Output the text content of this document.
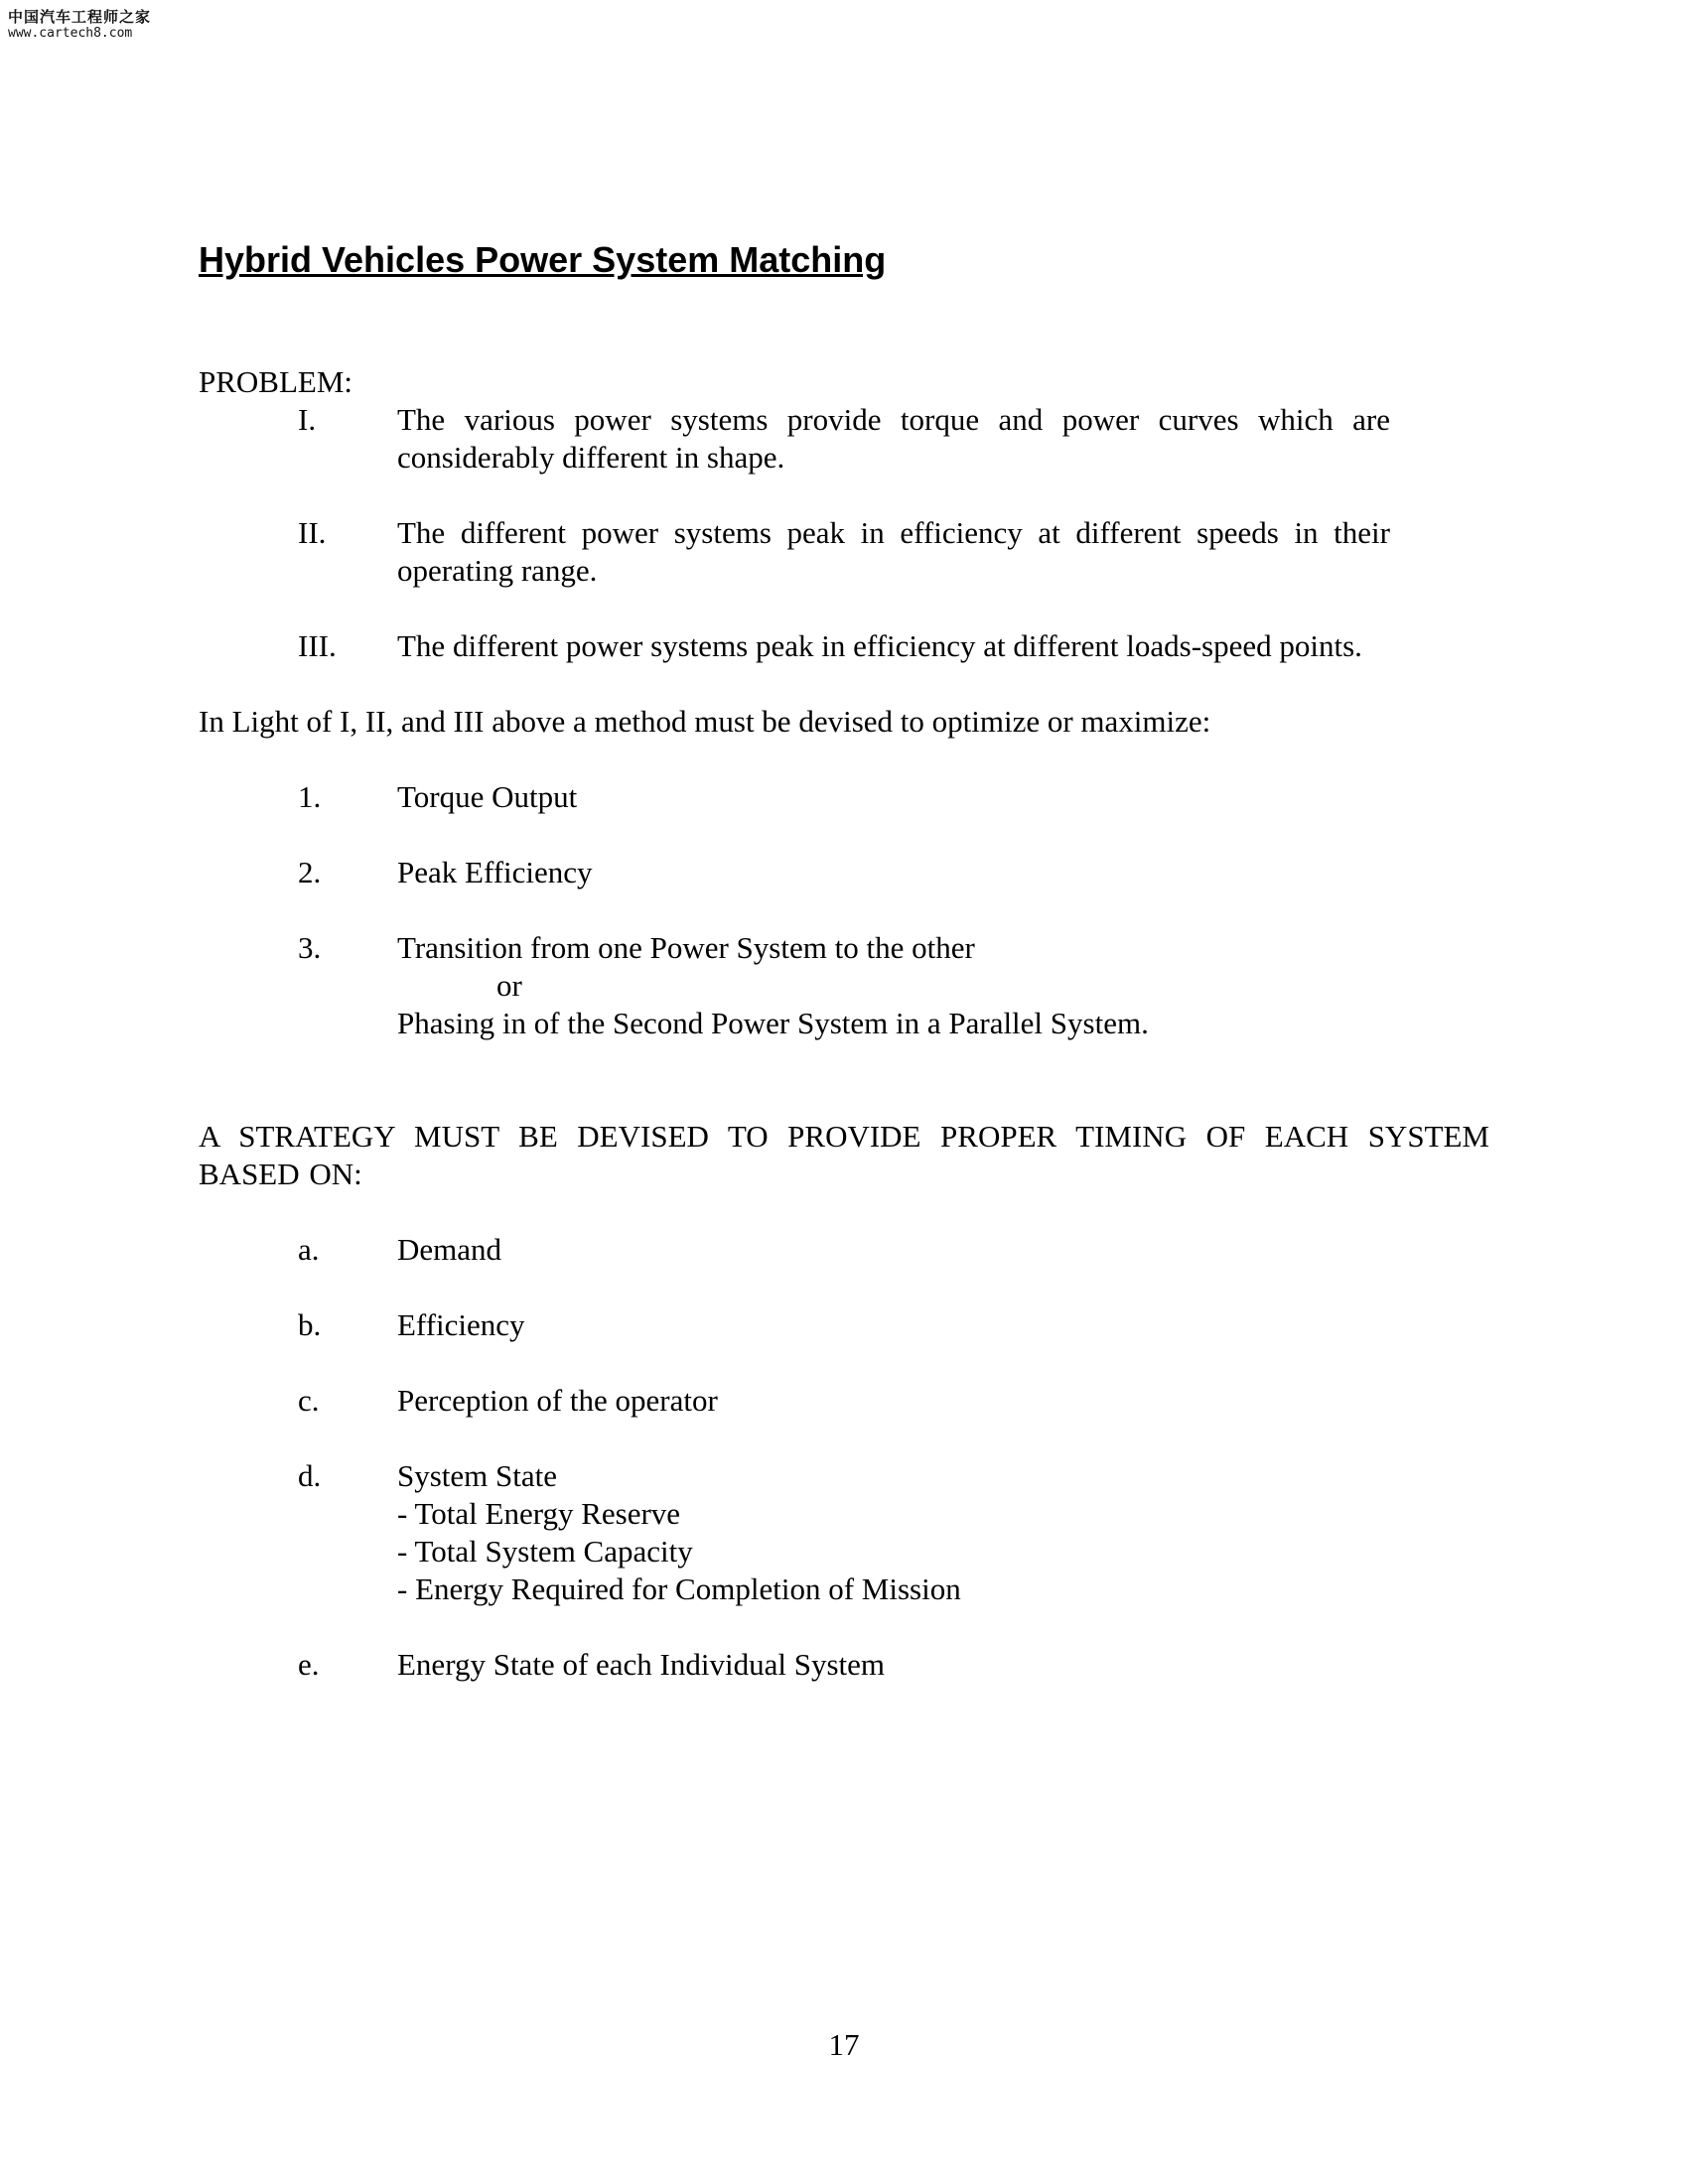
中国汽车工程师之家
www.cartech8.com
Hybrid Vehicles Power System Matching

PROBLEM:

I.	The various power systems provide torque and power curves which are considerably different in shape.
II.	The different power systems peak in efficiency at different speeds in their operating range.
III.	The different power systems peak in efficiency at different loads-speed points.

In Light of I, II, and III above a method must be devised to optimize or maximize:

1.	Torque Output
2.	Peak Efficiency
3.	Transition from one Power System to the other
or
Phasing in of the Second Power System in a Parallel System.

A STRATEGY MUST BE DEVISED TO PROVIDE PROPER TIMING OF EACH SYSTEM BASED ON:

a.	Demand
b.	Efficiency
c.	Perception of the operator
d.	System State
- Total Energy Reserve
- Total System Capacity
- Energy Required for Completion of Mission
e.	Energy State of each Individual System
17
